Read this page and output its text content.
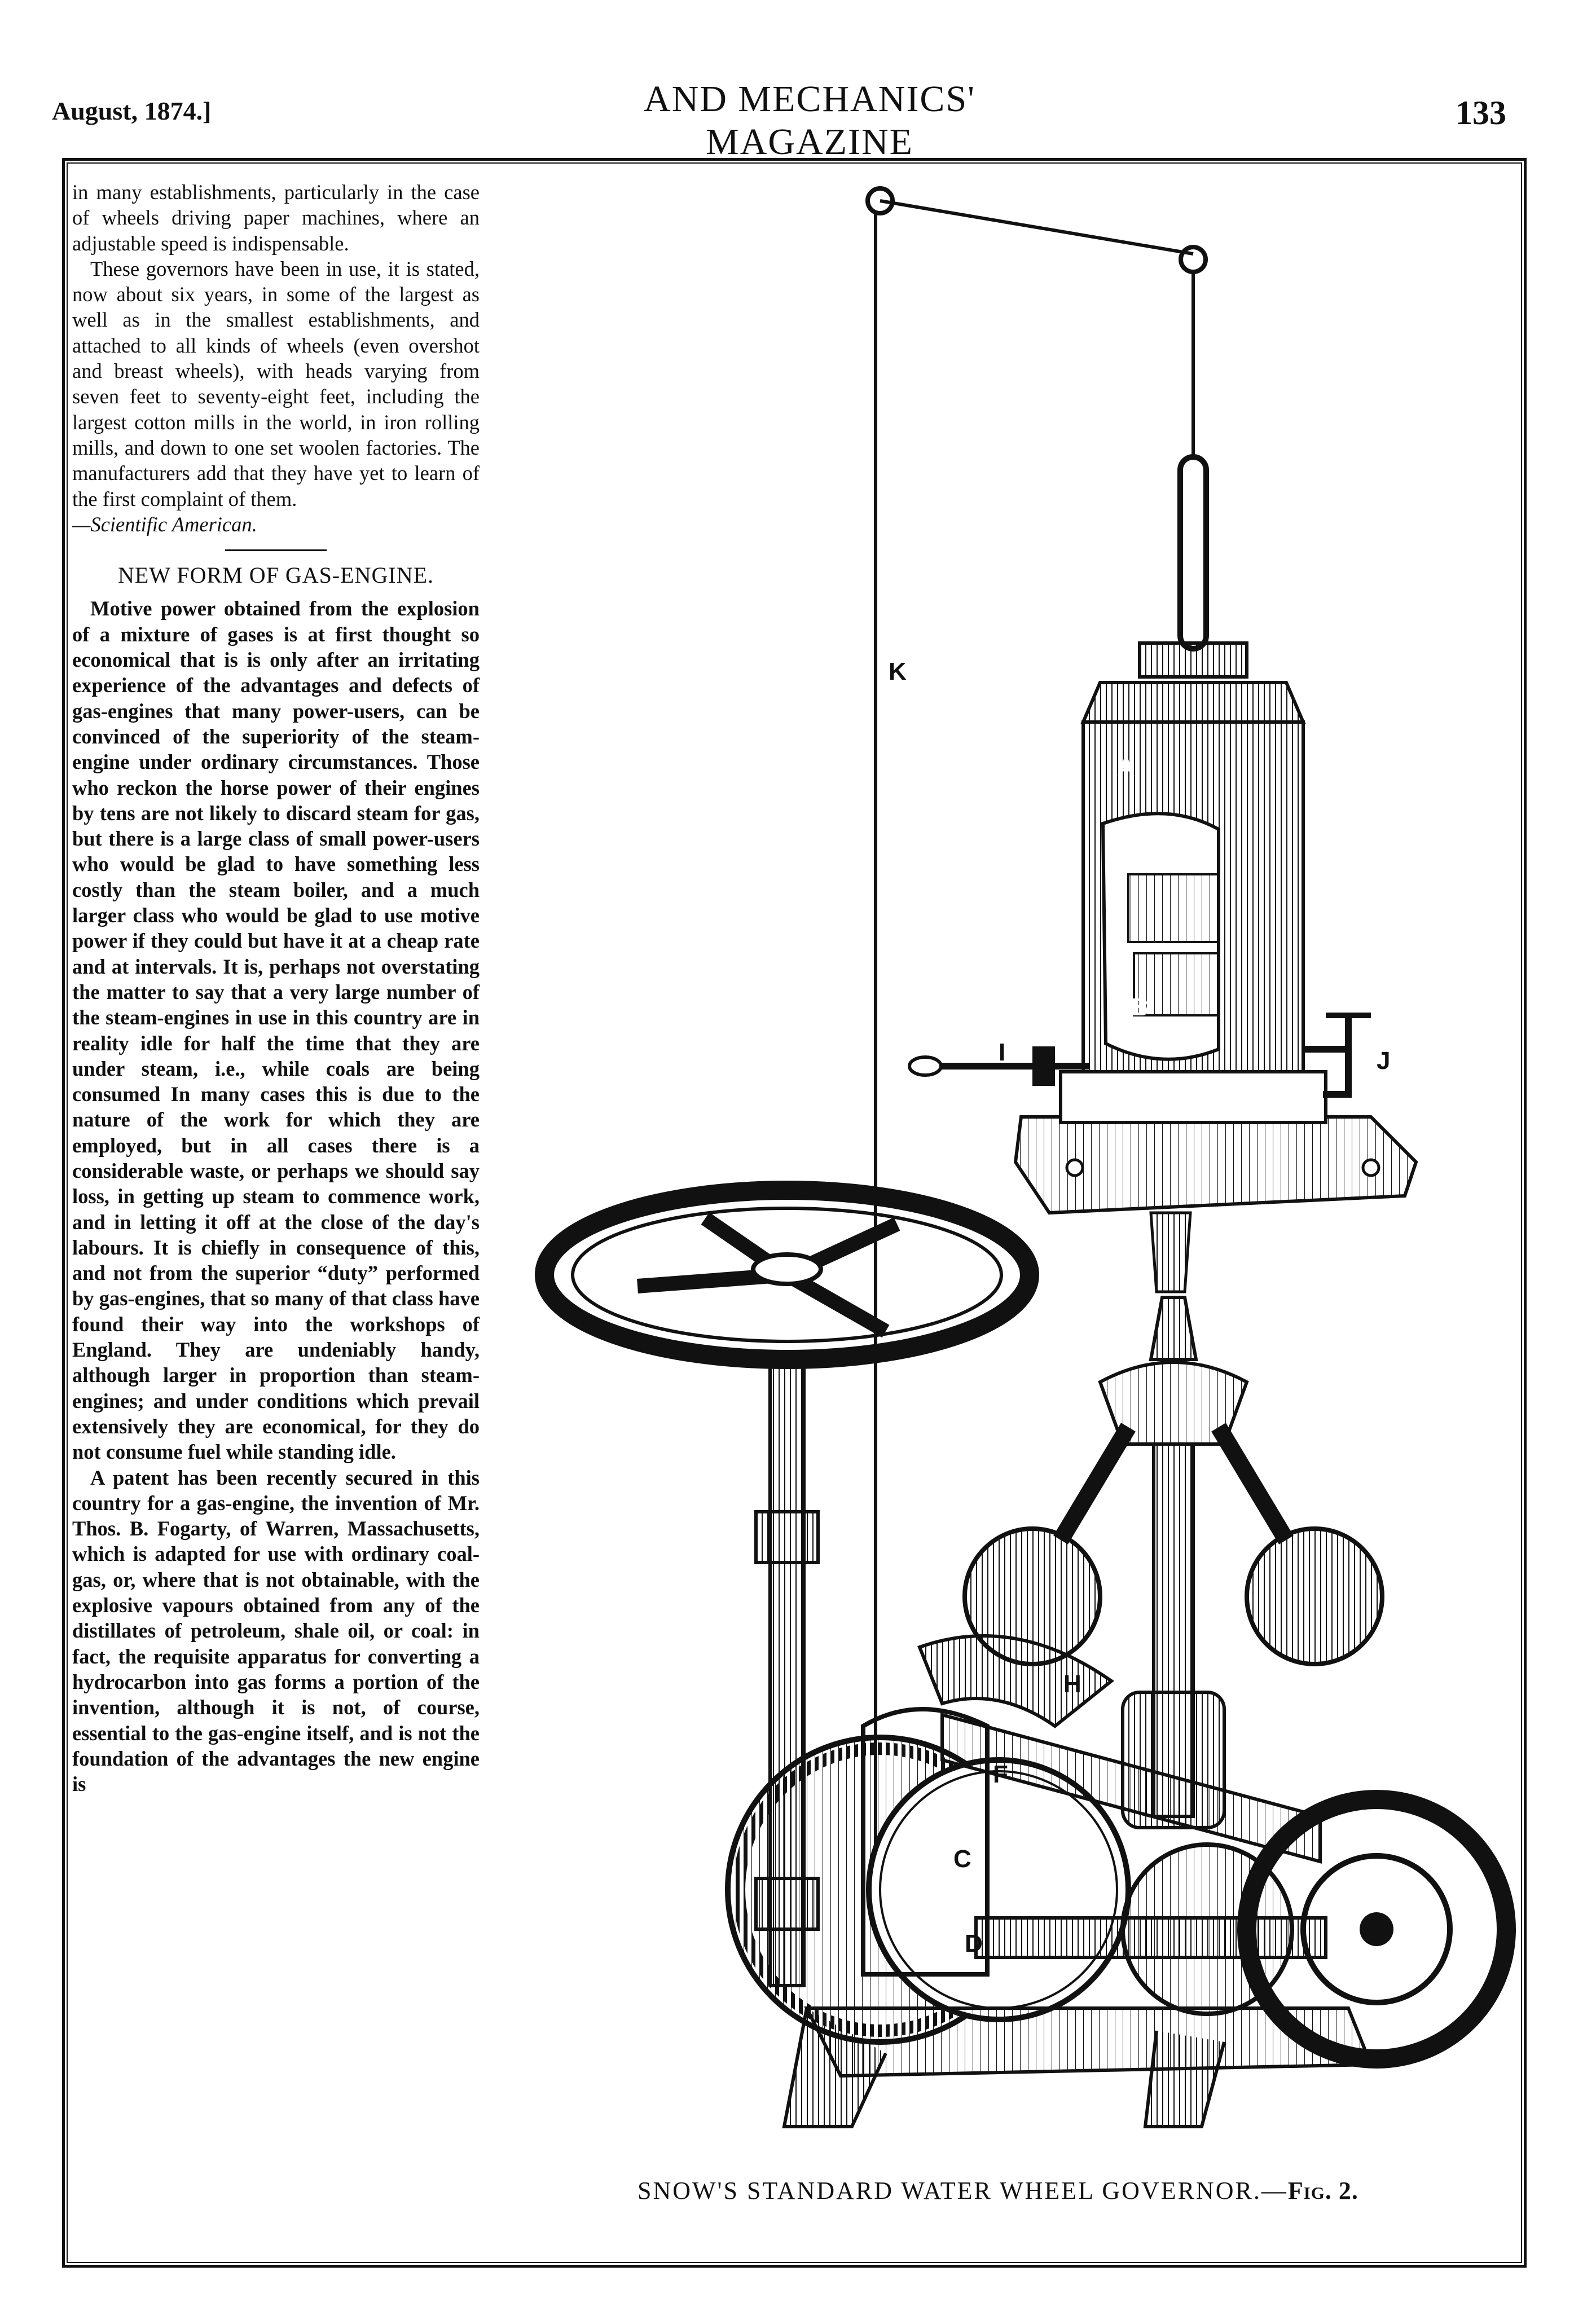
August, 1874.]	AND MECHANICS' MAGAZINE
133

in many establishments, particularly in the case of wheels driving paper machines, where an adjustable speed is indispensable.

These governors have been in use, it is stated, now about six years, in some of the largest as well as in the smallest establishments, and attached to all kinds of wheels (even overshot and breast wheels), with heads varying from seven feet to seventy-eight feet, including the largest cotton mills in the world, in iron rolling mills, and down to one set woolen factories. The manufacturers add that they have yet to learn of the first complaint of them.

—Scientific American.

NEW FORM OF GAS-ENGINE.

Motive power obtained from the explosion of a mixture of gases is at first thought so economical that is is only after an irritating experience of the advantages and defects of gas-engines that many power-users, can be convinced of the superiority of the steam-engine under ordinary circumstances. Those who reckon the horse power of their engines by tens are not likely to discard steam for gas, but there is a large class of small power-users who would be glad to have something less costly than the steam boiler, and a much larger class who would be glad to use motive power if they could but have it at a cheap rate and at intervals. It is, perhaps not overstating the matter to say that a very large number of the steam-engines in use in this country are in reality idle for half the time that they are under steam, i.e., while coals are being consumed In many cases this is due to the nature of the work for which they are employed, but in all cases there is a considerable waste, or perhaps we should say loss, in getting up steam to commence work, and in letting it off at the close of the day's labours. It is chiefly in consequence of this, and not from the superior “duty” performed by gas-engines, that so many of that class have found their way into the workshops of England. They are undeniably handy, although larger in proportion than steam-engines; and under conditions which prevail extensively they are economical, for they do not consume fuel while standing idle.

A patent has been recently secured in this country for a gas-engine, the invention of Mr. Thos. B. Fogarty, of Warren, Massachusetts, which is adapted for use with ordinary coal-gas, or, where that is not obtainable, with the explosive vapours obtained from any of the distillates of petroleum, shale oil, or coal: in fact, the requisite apparatus for converting a hydrocarbon into gas forms a portion of the invention, although it is not, of course, essential to the gas-engine itself, and is not the foundation of the advantages the new engine is

K
A
B
I	J
C
D
H
F
SNOW'S STANDARD WATER WHEEL GOVERNOR.—Fig. 2.
